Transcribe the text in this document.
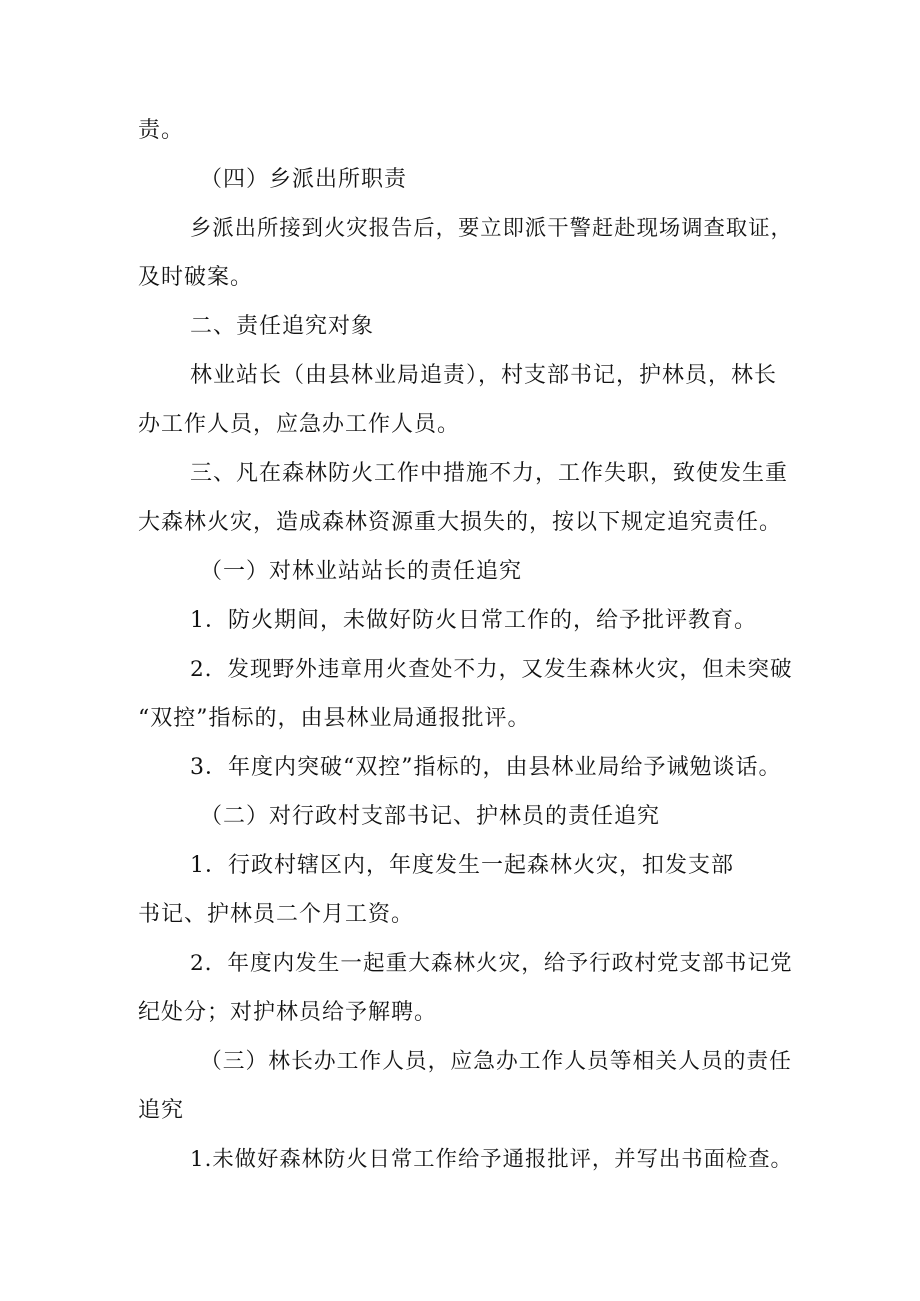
责。
（四）乡派出所职责
乡派出所接到火灾报告后，要立即派干警赶赴现场调查取证，
及时破案。
二、责任追究对象
林业站长（由县林业局追责），村支部书记，护林员，林长
办工作人员，应急办工作人员。
三、凡在森林防火工作中措施不力，工作失职，致使发生重
大森林火灾，造成森林资源重大损失的，按以下规定追究责任。
（一）对林业站站长的责任追究
1．防火期间，未做好防火日常工作的，给予批评教育。
2．发现野外违章用火查处不力，又发生森林火灾，但未突破
“双控”指标的，由县林业局通报批评。
3．年度内突破“双控”指标的，由县林业局给予诫勉谈话。
（二）对行政村支部书记、护林员的责任追究
1．行政村辖区内，年度发生一起森林火灾，扣发支部
书记、护林员二个月工资。
2．年度内发生一起重大森林火灾，给予行政村党支部书记党
纪处分；对护林员给予解聘。
（三）林长办工作人员，应急办工作人员等相关人员的责任
追究
1.未做好森林防火日常工作给予通报批评，并写出书面检查。
